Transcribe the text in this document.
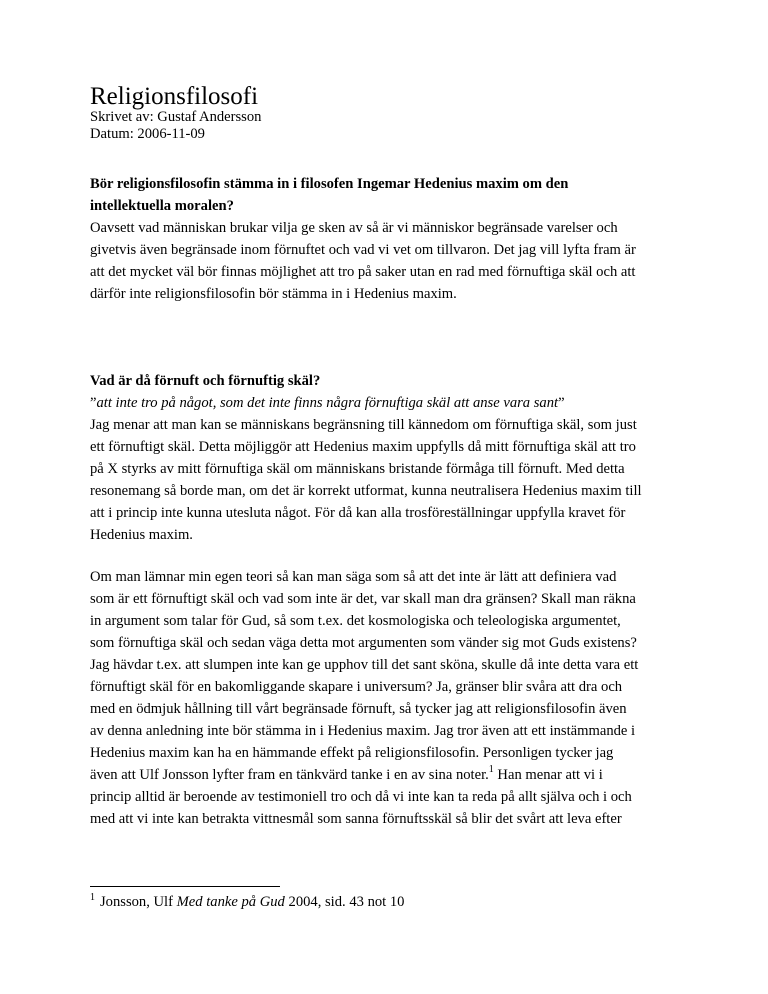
Religionsfilosofi
Skrivet av: Gustaf Andersson
Datum: 2006-11-09
Bör religionsfilosofin stämma in i filosofen Ingemar Hedenius maxim om den
intellektuella moralen?
Oavsett vad människan brukar vilja ge sken av så är vi människor begränsade varelser och
givetvis även begränsade inom förnuftet och vad vi vet om tillvaron. Det jag vill lyfta fram är
att det mycket väl bör finnas möjlighet att tro på saker utan en rad med förnuftiga skäl och att
därför inte religionsfilosofin bör stämma in i Hedenius maxim.
Vad är då förnuft och förnuftig skäl?
”att inte tro på något, som det inte finns några förnuftiga skäl att anse vara sant”
Jag menar att man kan se människans begränsning till kännedom om förnuftiga skäl, som just
ett förnuftigt skäl. Detta möjliggör att Hedenius maxim uppfylls då mitt förnuftiga skäl att tro
på X styrks av mitt förnuftiga skäl om människans bristande förmåga till förnuft. Med detta
resonemang så borde man, om det är korrekt utformat, kunna neutralisera Hedenius maxim till
att i princip inte kunna utesluta något. För då kan alla trosföreställningar uppfylla kravet för
Hedenius maxim.
Om man lämnar min egen teori så kan man säga som så att det inte är lätt att definiera vad
som är ett förnuftigt skäl och vad som inte är det, var skall man dra gränsen? Skall man räkna
in argument som talar för Gud, så som t.ex. det kosmologiska och teleologiska argumentet,
som förnuftiga skäl och sedan väga detta mot argumenten som vänder sig mot Guds existens?
Jag hävdar t.ex. att slumpen inte kan ge upphov till det sant sköna, skulle då inte detta vara ett
förnuftigt skäl för en bakomliggande skapare i universum? Ja, gränser blir svåra att dra och
med en ödmjuk hållning till vårt begränsade förnuft, så tycker jag att religionsfilosofin även
av denna anledning inte bör stämma in i Hedenius maxim. Jag tror även att ett instämmande i
Hedenius maxim kan ha en hämmande effekt på religionsfilosofin. Personligen tycker jag
även att Ulf Jonsson lyfter fram en tänkvärd tanke i en av sina noter.$^1$ Han menar att vi i
princip alltid är beroende av testimoniell tro och då vi inte kan ta reda på allt själva och i och
med att vi inte kan betrakta vittnesmål som sanna förnuftsskäl så blir det svårt att leva efter
$^1$ Jonsson, Ulf Med tanke på Gud 2004, sid. 43 not 10
